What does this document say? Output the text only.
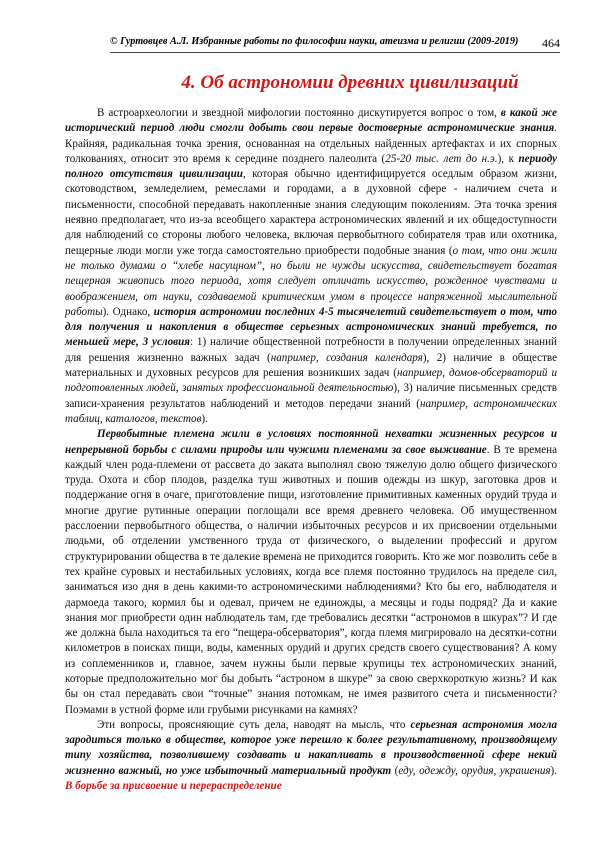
© Гуртовцев А.Л. Избранные работы по философии науки, атеизма и религии (2009-2019) 464
4. Об астрономии древних цивилизаций

В астроархеологии и звездной мифологии постоянно дискутируется вопрос о том, в какой же исторический период люди смогли добыть свои первые достоверные астрономические знания. Крайняя, радикальная точка зрения, основанная на отдельных найденных артефактах и их спорных толкованиях, относит это время к середине позднего палеолита (25-20 тыс. лет до н.э.), к периоду полного отсутствия цивилизации, которая обычно идентифицируется оседлым образом жизни, скотоводством, земледелием, ремеслами и городами, а в духовной сфере - наличием счета и письменности, способной передавать накопленные знания следующим поколениям. Эта точка зрения неявно предполагает, что из-за всеобщего характера астрономических явлений и их общедоступности для наблюдений со стороны любого человека, включая первобытного собирателя трав или охотника, пещерные люди могли уже тогда самостоятельно приобрести подобные знания (о том, что они жили не только думами о “хлебе насущном”, но были не чужды искусства, свидетельствует богатая пещерная живопись того периода, хотя следует отличать искусство, рожденное чувствами и воображением, от науки, создаваемой критическим умом в процессе напряженной мыслительной работы). Однако, история астрономии последних 4-5 тысячелетий свидетельствует о том, что для получения и накопления в обществе серьезных астрономических знаний требуется, по меньшей мере, 3 условия: 1) наличие общественной потребности в получении определенных знаний для решения жизненно важных задач (например, создания календаря), 2) наличие в обществе материальных и духовных ресурсов для решения возникших задач (например, домов-обсерваторий и подготовленных людей, занятых профессиональной деятельностью), 3) наличие письменных средств записи-хранения результатов наблюдений и методов передачи знаний (например, астрономических таблиц, каталогов, текстов).

Первобытные племена жили в условиях постоянной нехватки жизненных ресурсов и непрерывной борьбы с силами природы или чужими племенами за свое выживание. В те времена каждый член рода-племени от рассвета до заката выполнял свою тяжелую долю общего физического труда. Охота и сбор плодов, разделка туш животных и пошив одежды из шкур, заготовка дров и поддержание огня в очаге, приготовление пищи, изготовление примитивных каменных орудий труда и многие другие рутинные операции поглощали все время древнего человека. Об имущественном расслоении первобытного общества, о наличии избыточных ресурсов и их присвоении отдельными людьми, об отделении умственного труда от физического, о выделении профессий и другом структурировании общества в те далекие времена не приходится говорить. Кто же мог позволить себе в тех крайне суровых и нестабильных условиях, когда все племя постоянно трудилось на пределе сил, заниматься изо дня в день какими-то астрономическими наблюдениями? Кто бы его, наблюдателя и дармоеда такого, кормил бы и одевал, причем не единожды, а месяцы и годы подряд? Да и какие знания мог приобрести один наблюдатель там, где требовались десятки “астрономов в шкурах”? И где же должна была находиться та его “пещера-обсерватория”, когда племя мигрировало на десятки-сотни километров в поисках пищи, воды, каменных орудий и других средств своего существования? А кому из соплеменников и, главное, зачем нужны были первые крупицы тех астрономических знаний, которые предположительно мог бы добыть “астроном в шкуре” за свою сверхкороткую жизнь? И как бы он стал передавать свои “точные” знания потомкам, не имея развитого счета и письменности? Поэмами в устной форме или грубыми рисунками на камнях?

Эти вопросы, проясняющие суть дела, наводят на мысль, что серьезная астрономия могла зародиться только в обществе, которое уже перешло к более результативному, производящему типу хозяйства, позволившему создавать и накапливать в производственной сфере некий жизненно важный, но уже избыточный материальный продукт (еду, одежду, орудия, украшения). В борьбе за присвоение и перераспределение
